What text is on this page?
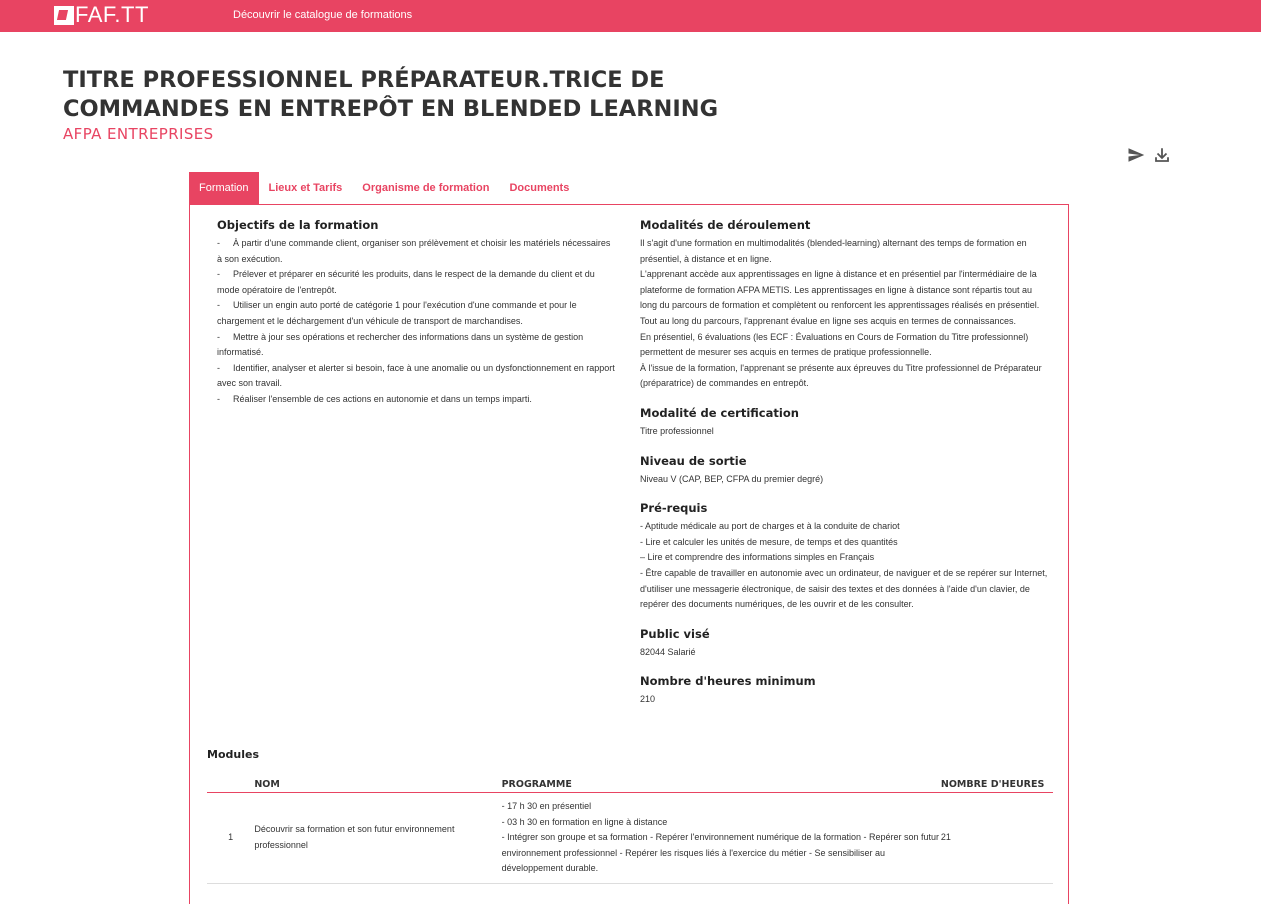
FAF.TT	Découvrir le catalogue de formations
TITRE PROFESSIONNEL PRÉPARATEUR.TRICE DE COMMANDES EN ENTREPÔT EN BLENDED LEARNING
AFPA ENTREPRISES
Formation	Lieux et Tarifs	Organisme de formation	Documents
Objectifs de la formation
- À partir d'une commande client, organiser son prélèvement et choisir les matériels nécessaires à son exécution.
- Prélever et préparer en sécurité les produits, dans le respect de la demande du client et du mode opératoire de l'entrepôt.
- Utiliser un engin auto porté de catégorie 1 pour l'exécution d'une commande et pour le chargement et le déchargement d'un véhicule de transport de marchandises.
- Mettre à jour ses opérations et rechercher des informations dans un système de gestion informatisé.
- Identifier, analyser et alerter si besoin, face à une anomalie ou un dysfonctionnement en rapport avec son travail.
- Réaliser l'ensemble de ces actions en autonomie et dans un temps imparti.
Modalités de déroulement
Il s'agit d'une formation en multimodalités (blended-learning) alternant des temps de formation en présentiel, à distance et en ligne.
L'apprenant accède aux apprentissages en ligne à distance et en présentiel par l'intermédiaire de la plateforme de formation AFPA METIS. Les apprentissages en ligne à distance sont répartis tout au long du parcours de formation et complètent ou renforcent les apprentissages réalisés en présentiel.
Tout au long du parcours, l'apprenant évalue en ligne ses acquis en termes de connaissances.
En présentiel, 6 évaluations (les ECF : Évaluations en Cours de Formation du Titre professionnel) permettent de mesurer ses acquis en termes de pratique professionnelle.
À l'issue de la formation, l'apprenant se présente aux épreuves du Titre professionnel de Préparateur (préparatrice) de commandes en entrepôt.
Modalité de certification
Titre professionnel
Niveau de sortie
Niveau V (CAP, BEP, CFPA du premier degré)
Pré-requis
- Aptitude médicale au port de charges et à la conduite de chariot
- Lire et calculer les unités de mesure, de temps et des quantités
– Lire et comprendre des informations simples en Français
- Être capable de travailler en autonomie avec un ordinateur, de naviguer et de se repérer sur Internet, d'utiliser une messagerie électronique, de saisir des textes et des données à l'aide d'un clavier, de repérer des documents numériques, de les ouvrir et de les consulter.
Public visé
82044 Salarié
Nombre d'heures minimum
210
Modules
	NOM	PROGRAMME	NOMBRE D'HEURES
1	Découvrir sa formation et son futur environnement professionnel	- 17 h 30 en présentiel
- 03 h 30 en formation en ligne à distance
- Intégrer son groupe et sa formation - Repérer l'environnement numérique de la formation - Repérer son futur environnement professionnel - Repérer les risques liés à l'exercice du métier - Se sensibiliser au développement durable.	21
